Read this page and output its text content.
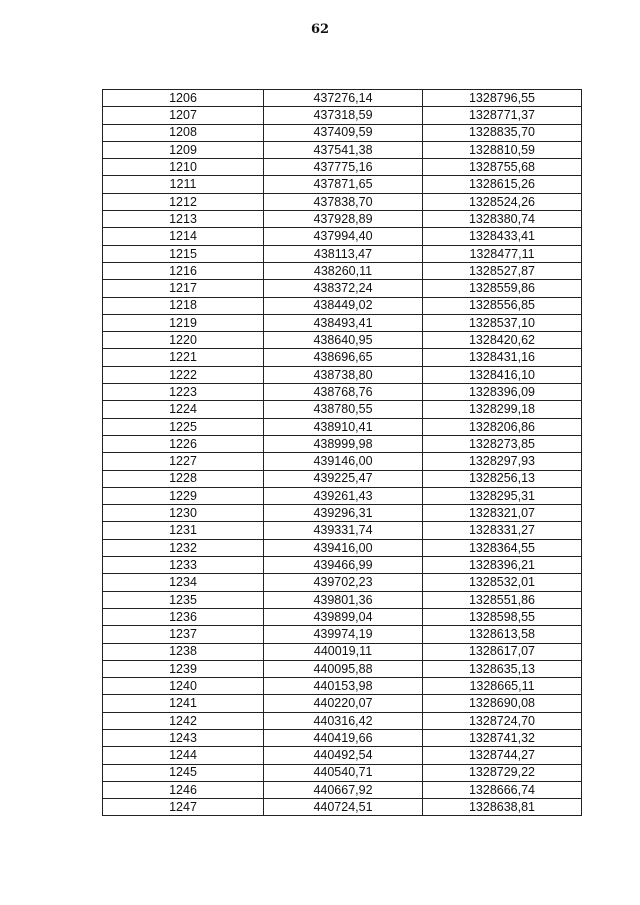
62
1206	437276,14	1328796,55
1207	437318,59	1328771,37
1208	437409,59	1328835,70
1209	437541,38	1328810,59
1210	437775,16	1328755,68
1211	437871,65	1328615,26
1212	437838,70	1328524,26
1213	437928,89	1328380,74
1214	437994,40	1328433,41
1215	438113,47	1328477,11
1216	438260,11	1328527,87
1217	438372,24	1328559,86
1218	438449,02	1328556,85
1219	438493,41	1328537,10
1220	438640,95	1328420,62
1221	438696,65	1328431,16
1222	438738,80	1328416,10
1223	438768,76	1328396,09
1224	438780,55	1328299,18
1225	438910,41	1328206,86
1226	438999,98	1328273,85
1227	439146,00	1328297,93
1228	439225,47	1328256,13
1229	439261,43	1328295,31
1230	439296,31	1328321,07
1231	439331,74	1328331,27
1232	439416,00	1328364,55
1233	439466,99	1328396,21
1234	439702,23	1328532,01
1235	439801,36	1328551,86
1236	439899,04	1328598,55
1237	439974,19	1328613,58
1238	440019,11	1328617,07
1239	440095,88	1328635,13
1240	440153,98	1328665,11
1241	440220,07	1328690,08
1242	440316,42	1328724,70
1243	440419,66	1328741,32
1244	440492,54	1328744,27
1245	440540,71	1328729,22
1246	440667,92	1328666,74
1247	440724,51	1328638,81
